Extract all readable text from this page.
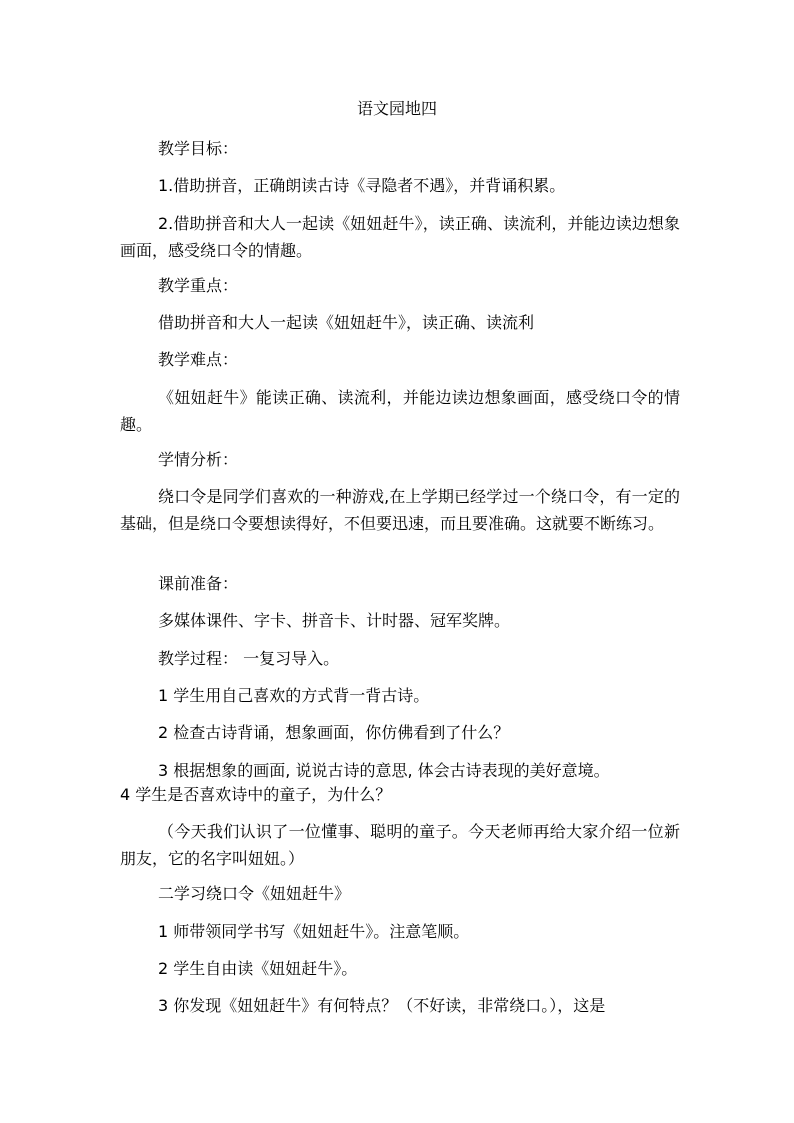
语文园地四

教学目标：

1.借助拼音，正确朗读古诗《寻隐者不遇》，并背诵积累。

2.借助拼音和大人一起读《妞妞赶牛》，读正确、读流利，并能边读边想象画面，感受绕口令的情趣。

教学重点：

借助拼音和大人一起读《妞妞赶牛》，读正确、读流利

教学难点：

《妞妞赶牛》能读正确、读流利，并能边读边想象画面，感受绕口令的情趣。

学情分析：

绕口令是同学们喜欢的一种游戏,在上学期已经学过一个绕口令，有一定的基础，但是绕口令要想读得好，不但要迅速，而且要准确。这就要不断练习。

课前准备：

多媒体课件、字卡、拼音卡、计时器、冠军奖牌。

教学过程： 一复习导入。

1 学生用自己喜欢的方式背一背古诗。

2 检查古诗背诵，想象画面，你仿佛看到了什么？

3 根据想象的画面, 说说古诗的意思, 体会古诗表现的美好意境。

4 学生是否喜欢诗中的童子，为什么？

（今天我们认识了一位懂事、聪明的童子。今天老师再给大家介绍一位新朋友，它的名字叫妞妞。）

二学习绕口令《妞妞赶牛》

1 师带领同学书写《妞妞赶牛》。注意笔顺。

2 学生自由读《妞妞赶牛》。

3 你发现《妞妞赶牛》有何特点？（不好读，非常绕口。），这是
